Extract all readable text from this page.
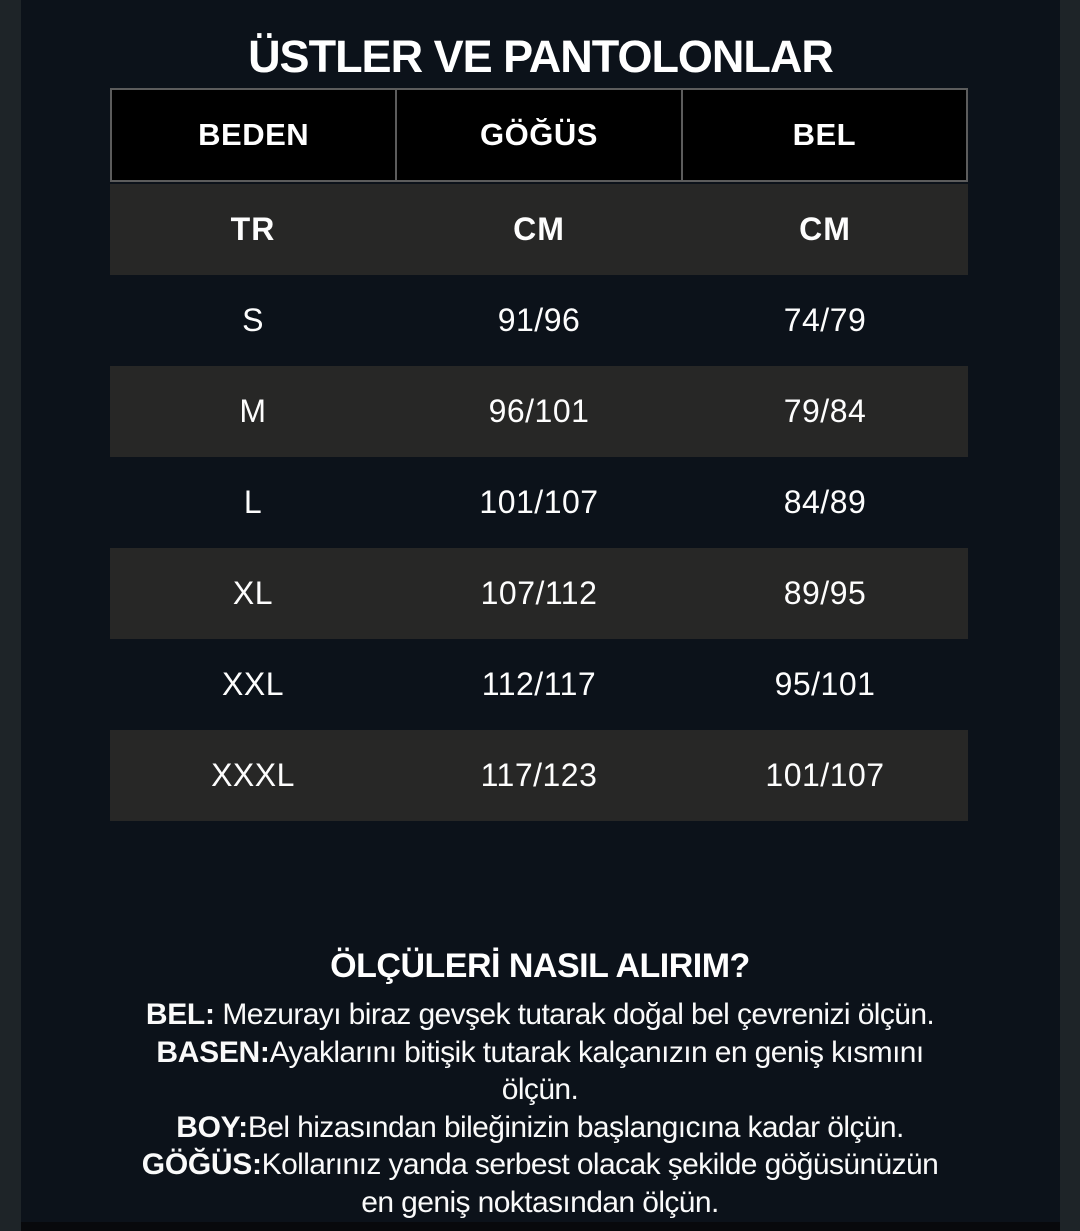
ÜSTLER VE PANTOLONLAR
BEDEN	GÖĞÜS	BEL
TR	CM	CM
S	91/96	74/79
M	96/101	79/84
L	101/107	84/89
XL	107/112	89/95
XXL	112/117	95/101
XXXL	117/123	101/107
ÖLÇÜLERİ NASIL ALIRIM?
BEL: Mezurayı biraz gevşek tutarak doğal bel çevrenizi ölçün.
BASEN:Ayaklarını bitişik tutarak kalçanızın en geniş kısmını
ölçün.
BOY:Bel hizasından bileğinizin başlangıcına kadar ölçün.
GÖĞÜS:Kollarınız yanda serbest olacak şekilde göğüsünüzün
en geniş noktasından ölçün.
